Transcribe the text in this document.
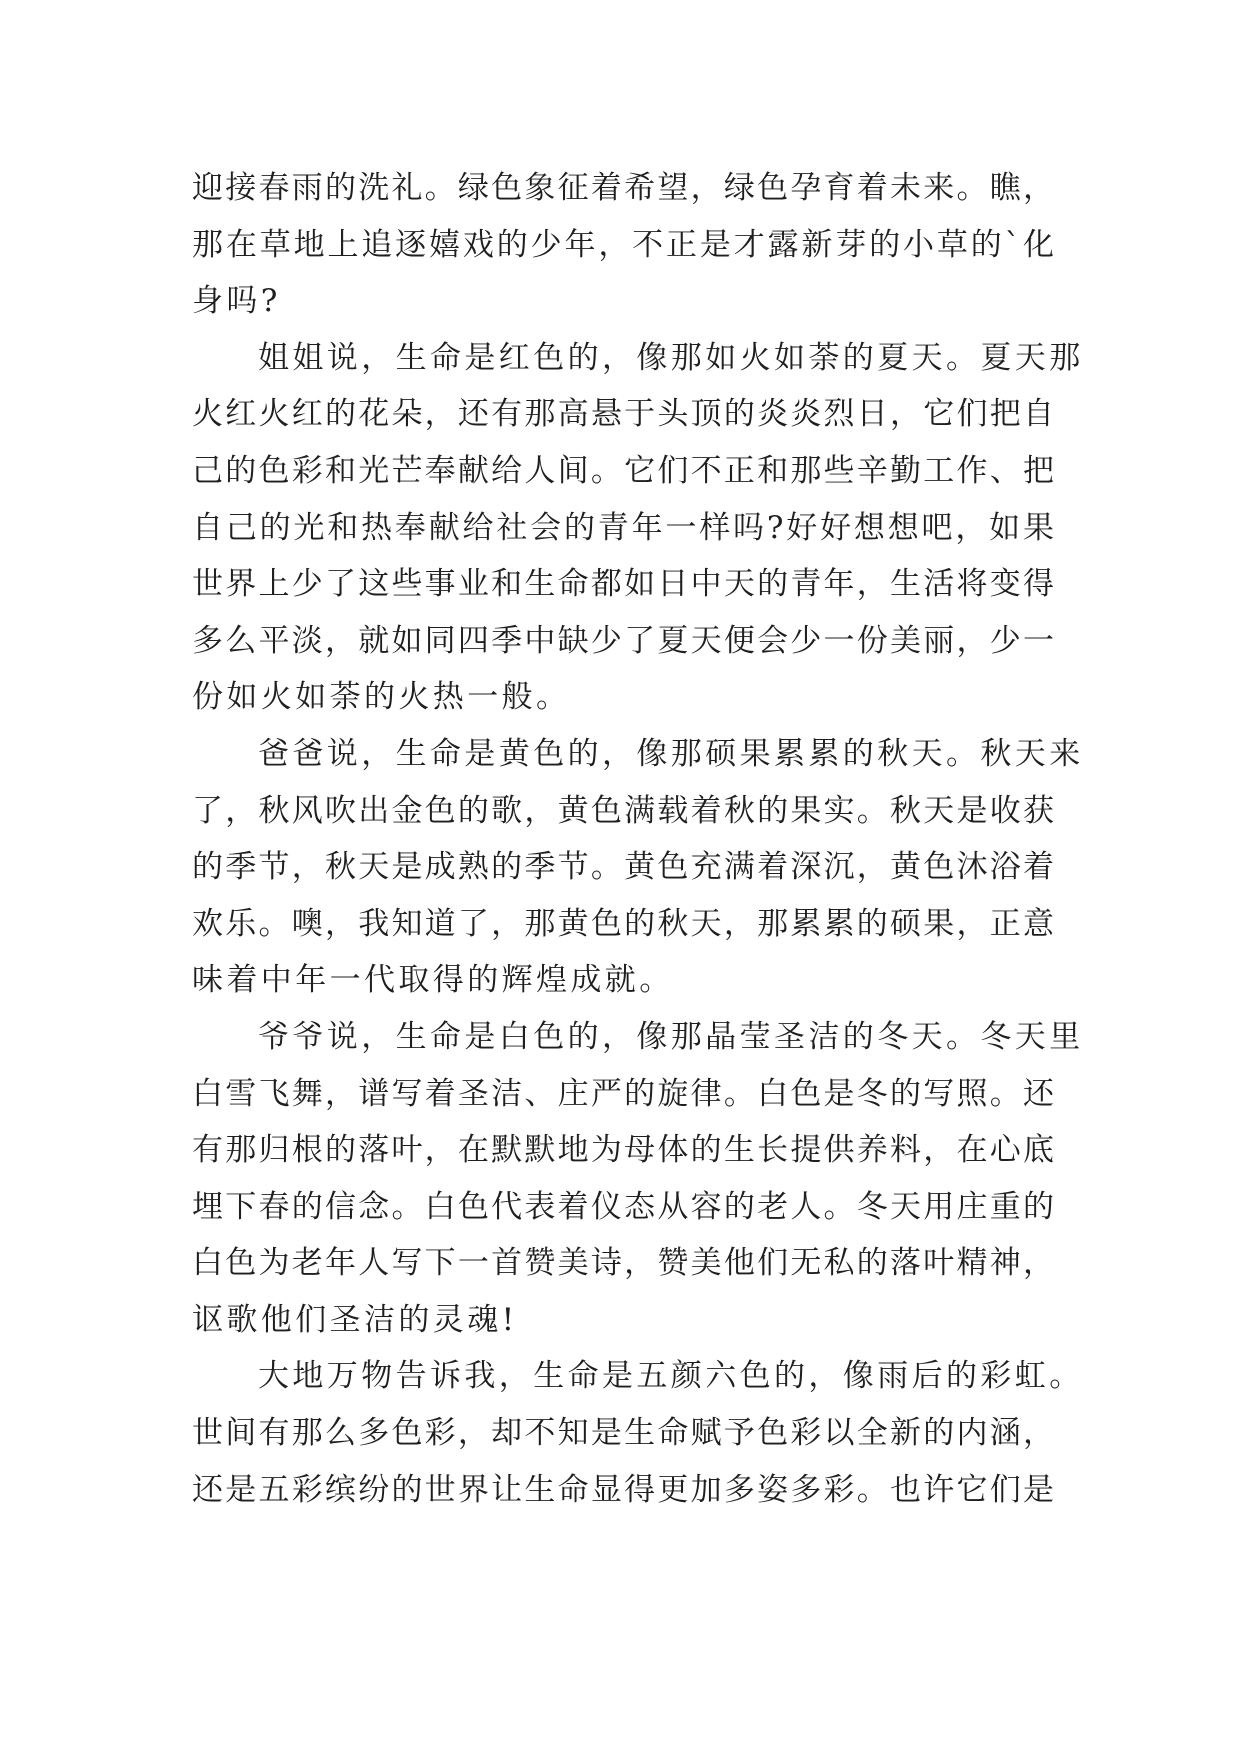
迎接春雨的洗礼。绿色象征着希望，绿色孕育着未来。瞧，
那在草地上追逐嬉戏的少年，不正是才露新芽的小草的`化
身吗?
姐姐说，生命是红色的，像那如火如荼的夏天。夏天那
火红火红的花朵，还有那高悬于头顶的炎炎烈日，它们把自
己的色彩和光芒奉献给人间。它们不正和那些辛勤工作、把
自己的光和热奉献给社会的青年一样吗?好好想想吧，如果
世界上少了这些事业和生命都如日中天的青年，生活将变得
多么平淡，就如同四季中缺少了夏天便会少一份美丽，少一
份如火如荼的火热一般。
爸爸说，生命是黄色的，像那硕果累累的秋天。秋天来
了，秋风吹出金色的歌，黄色满载着秋的果实。秋天是收获
的季节，秋天是成熟的季节。黄色充满着深沉，黄色沐浴着
欢乐。噢，我知道了，那黄色的秋天，那累累的硕果，正意
味着中年一代取得的辉煌成就。
爷爷说，生命是白色的，像那晶莹圣洁的冬天。冬天里
白雪飞舞，谱写着圣洁、庄严的旋律。白色是冬的写照。还
有那归根的落叶，在默默地为母体的生长提供养料，在心底
埋下春的信念。白色代表着仪态从容的老人。冬天用庄重的
白色为老年人写下一首赞美诗，赞美他们无私的落叶精神，
讴歌他们圣洁的灵魂!
大地万物告诉我，生命是五颜六色的，像雨后的彩虹。
世间有那么多色彩，却不知是生命赋予色彩以全新的内涵，
还是五彩缤纷的世界让生命显得更加多姿多彩。也许它们是
